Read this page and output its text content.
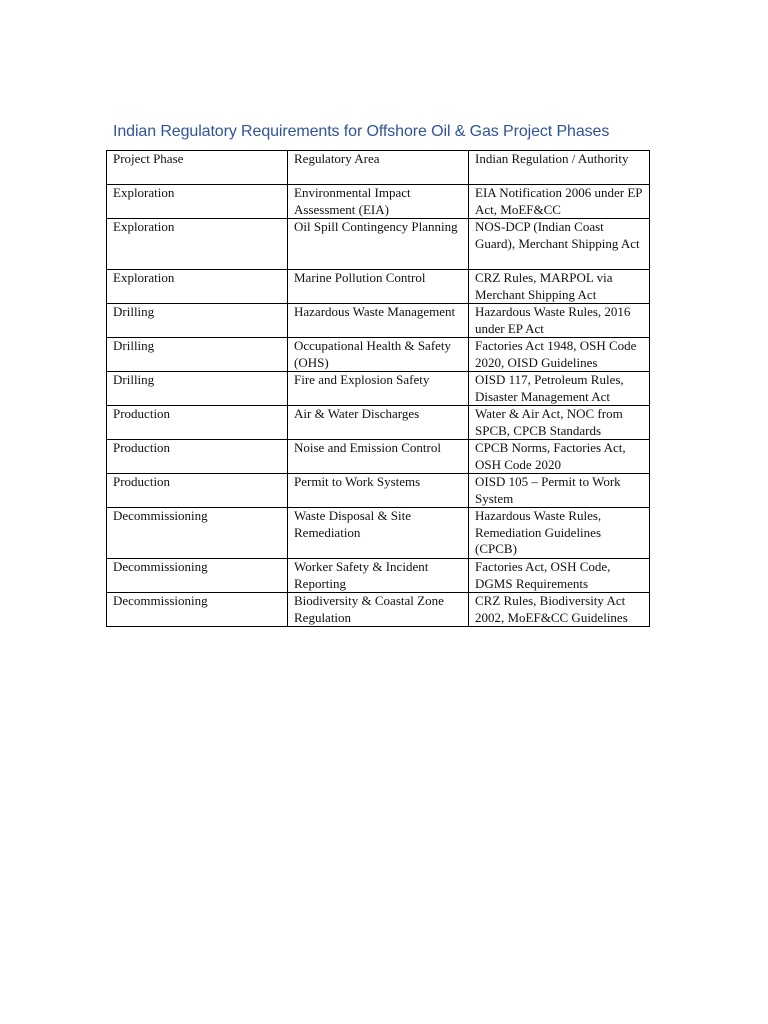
Indian Regulatory Requirements for Offshore Oil & Gas Project Phases
Project Phase	Regulatory Area	Indian Regulation / Authority
Exploration	Environmental Impact Assessment (EIA)	EIA Notification 2006 under EP Act, MoEF&CC
Exploration	Oil Spill Contingency Planning	NOS-DCP (Indian Coast Guard), Merchant Shipping Act
Exploration	Marine Pollution Control	CRZ Rules, MARPOL via Merchant Shipping Act
Drilling	Hazardous Waste Management	Hazardous Waste Rules, 2016 under EP Act
Drilling	Occupational Health & Safety (OHS)	Factories Act 1948, OSH Code 2020, OISD Guidelines
Drilling	Fire and Explosion Safety	OISD 117, Petroleum Rules, Disaster Management Act
Production	Air & Water Discharges	Water & Air Act, NOC from SPCB, CPCB Standards
Production	Noise and Emission Control	CPCB Norms, Factories Act, OSH Code 2020
Production	Permit to Work Systems	OISD 105 – Permit to Work System
Decommissioning	Waste Disposal & Site Remediation	Hazardous Waste Rules, Remediation Guidelines (CPCB)
Decommissioning	Worker Safety & Incident Reporting	Factories Act, OSH Code, DGMS Requirements
Decommissioning	Biodiversity & Coastal Zone Regulation	CRZ Rules, Biodiversity Act 2002, MoEF&CC Guidelines
